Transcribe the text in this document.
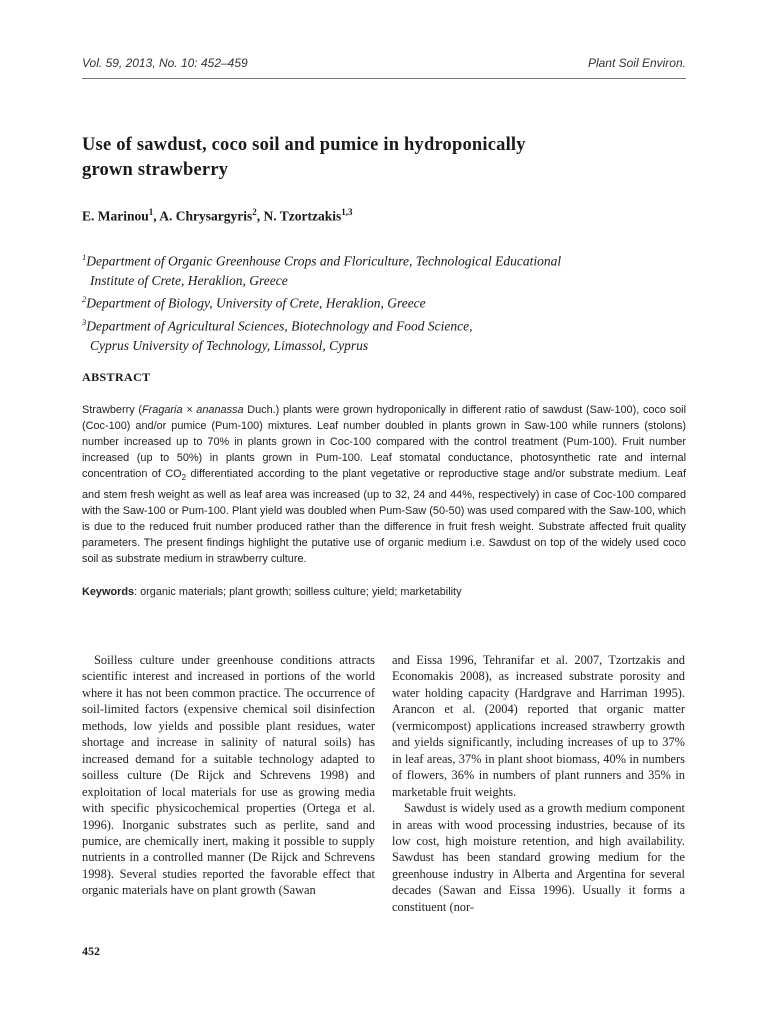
Vol. 59, 2013, No. 10: 452–459	Plant Soil Environ.
Use of sawdust, coco soil and pumice in hydroponically
grown strawberry
E. Marinou$^1$, A. Chrysargyris$^2$, N. Tzortzakis$^{1,3}$

$^1$Department of Organic Greenhouse Crops and Floriculture, Technological Educational

Institute of Crete, Heraklion, Greece

$^2$Department of Biology, University of Crete, Heraklion, Greece

$^3$Department of Agricultural Sciences, Biotechnology and Food Science,

Cyprus University of Technology, Limassol, Cyprus

ABSTRACT
Strawberry (Fragaria × ananassa Duch.) plants were grown hydroponically in different ratio of sawdust (Saw-100), coco soil (Coc-100) and/or pumice (Pum-100) mixtures. Leaf number doubled in plants grown in Saw-100 while runners (stolons) number increased up to 70% in plants grown in Coc-100 compared with the control treatment (Pum-100). Fruit number increased (up to 50%) in plants grown in Pum-100. Leaf stomatal conductance, photosynthetic rate and internal concentration of $CO_2$ differentiated according to the plant vegetative or reproductive stage and/or substrate medium. Leaf and stem fresh weight as well as leaf area was increased (up to 32, 24 and 44%, respectively) in case of Coc-100 compared with the Saw-100 or Pum-100. Plant yield was doubled when Pum-Saw (50-50) was used compared with the Saw-100, which is due to the reduced fruit number produced rather than the difference in fruit fresh weight. Substrate affected fruit quality parameters. The present findings highlight the putative use of organic medium i.e. Sawdust on top of the widely used coco soil as substrate medium in strawberry culture.
Keywords: organic materials; plant growth; soilless culture; yield; marketability

Soilless culture under greenhouse conditions attracts scientific interest and increased in portions of the world where it has not been common practice. The occurrence of soil-limited factors (expensive chemical soil disinfection methods, low yields and possible plant residues, water shortage and increase in salinity of natural soils) has increased demand for a suitable technology adapted to soilless culture (De Rijck and Schrevens 1998) and exploitation of local materials for use as growing media with specific physicochemical properties (Ortega et al. 1996). Inorganic substrates such as perlite, sand and pumice, are chemically inert, making it possible to supply nutrients in a controlled manner (De Rijck and Schrevens 1998). Several studies reported the favorable effect that organic materials have on plant growth (Sawan

and Eissa 1996, Tehranifar et al. 2007, Tzortzakis and Economakis 2008), as increased substrate porosity and water holding capacity (Hardgrave and Harriman 1995). Arancon et al. (2004) reported that organic matter (vermicompost) applications increased strawberry growth and yields significantly, including increases of up to 37% in leaf areas, 37% in plant shoot biomass, 40% in numbers of flowers, 36% in numbers of plant runners and 35% in marketable fruit weights.

Sawdust is widely used as a growth medium component in areas with wood processing industries, because of its low cost, high moisture retention, and high availability. Sawdust has been standard growing medium for the greenhouse industry in Alberta and Argentina for several decades (Sawan and Eissa 1996). Usually it forms a constituent (nor-

452
